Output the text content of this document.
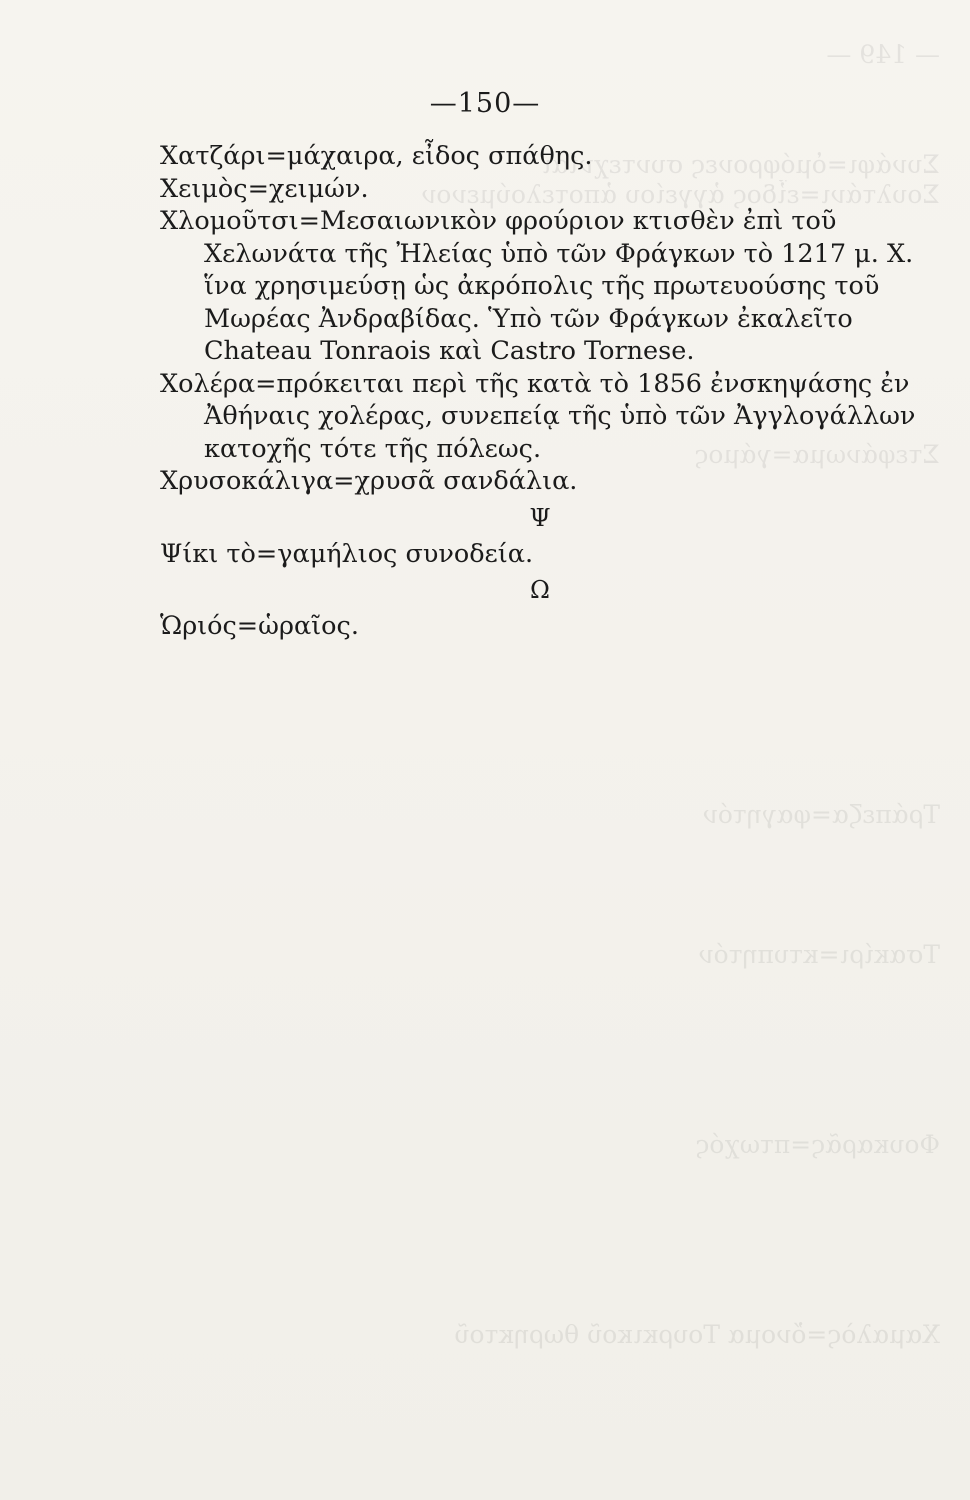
— 149 —
Συνάφι=ὁμόφρονες συντεχνίαι
Σουλτάνι=εἶδος ἀγγείου ἀποτελούμενον
Στεφάνωμα=γάμος
Τράπεζα=φαγητόν
Τσακίρι=κτυπητόν
Φουκαρᾶς=πτωχός
Χαμαλὸς=ὄνομα Τουρκικοῦ θωρηκτοῦ
—150—
Χατζάρι=μάχαιρα, εἶδος σπάθης.
Χειμὸς=χειμών.
Χλομοῦτσι=Μεσαιωνικὸν φρούριον κτισθὲν ἐπὶ τοῦ Χελωνάτα τῆς Ἠλείας ὑπὸ τῶν Φράγκων τὸ 1217 μ. Χ. ἵνα χρησιμεύσῃ ὡς ἀκρόπολις τῆς πρωτευούσης τοῦ Μωρέας Ἀνδραβίδας. Ὑπὸ τῶν Φράγκων ἐκαλεῖτο Chateau Tonraois καὶ Castro Tornese.
Χολέρα=πρόκειται περὶ τῆς κατὰ τὸ 1856 ἐνσκηψάσης ἐν Ἀθήναις χολέρας, συνεπείᾳ τῆς ὑπὸ τῶν Ἀγγλογάλλων κατοχῆς τότε τῆς πόλεως.
Χρυσοκάλιγα=χρυσᾶ σανδάλια.
Ψ
Ψίκι τὸ=γαμήλιος συνοδεία.
Ω
Ὡριός=ὡραῖος.
